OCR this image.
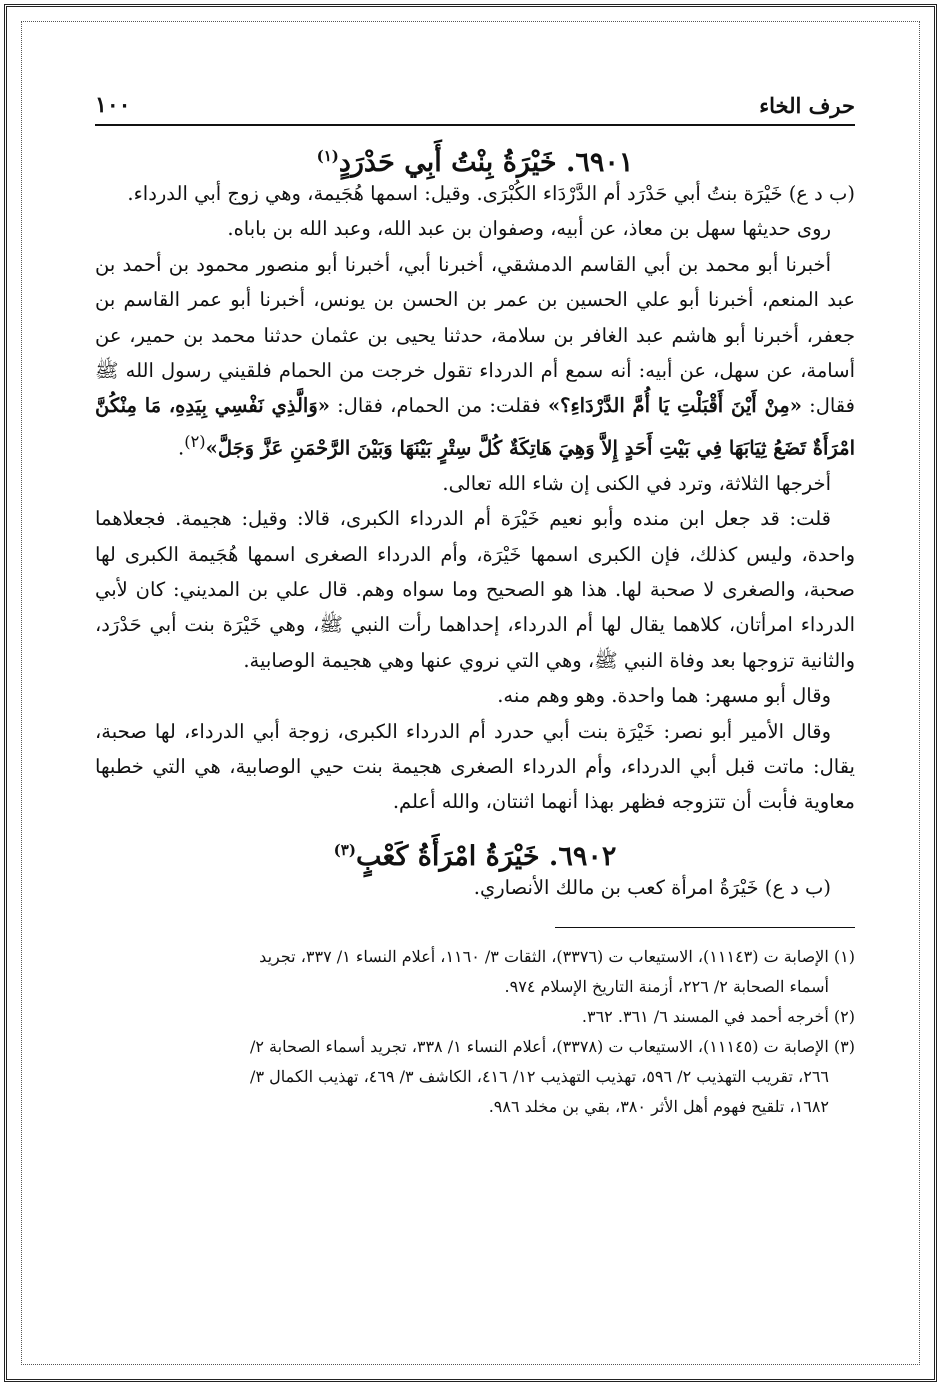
حرف الخاء
١٠٠
٦٩٠١. خَيْرَةُ بِنْتُ أَبِي حَدْرَدٍ$^{(١)}$

(ب د ع) خَيْرَة بنتُ أبي حَدْرَد أم الدَّرْدَاء الكُبْرَى. وقيل: اسمها هُجَيمة، وهي زوج أبي الدرداء.

روى حديثها سهل بن معاذ، عن أبيه، وصفوان بن عبد الله، وعبد الله بن باباه.

أخبرنا أبو محمد بن أبي القاسم الدمشقي، أخبرنا أبي، أخبرنا أبو منصور محمود بن أحمد بن عبد المنعم، أخبرنا أبو علي الحسين بن عمر بن الحسن بن يونس، أخبرنا أبو عمر القاسم بن جعفر، أخبرنا أبو هاشم عبد الغافر بن سلامة، حدثنا يحيى بن عثمان حدثنا محمد بن حمير، عن أسامة، عن سهل، عن أبيه: أنه سمع أم الدرداء تقول خرجت من الحمام فلقيني رسول الله ﷺ فقال: «مِنْ أَيْنَ أَقْبَلْتِ يَا أُمَّ الدَّرْدَاءِ؟» فقلت: من الحمام، فقال: «وَالَّذِي نَفْسِي بِيَدِهِ، مَا مِنْكُنَّ امْرَأَةٌ تَضَعُ ثِيَابَهَا فِي بَيْتِ أَحَدٍ إِلاَّ وَهِيَ هَاتِكَةٌ كُلَّ سِتْرٍ بَيْنَهَا وَبَيْنَ الرَّحْمَنِ عَزَّ وَجَلَّ»$^{(٢)}$.

أخرجها الثلاثة، وترد في الكنى إن شاء الله تعالى.

قلت: قد جعل ابن منده وأبو نعيم خَيْرَة أم الدرداء الكبرى، قالا: وقيل: هجيمة. فجعلاهما واحدة، وليس كذلك، فإن الكبرى اسمها خَيْرَة، وأم الدرداء الصغرى اسمها هُجَيمة الكبرى لها صحبة، والصغرى لا صحبة لها. هذا هو الصحيح وما سواه وهم. قال علي بن المديني: كان لأبي الدرداء امرأتان، كلاهما يقال لها أم الدرداء، إحداهما رأت النبي ﷺ، وهي خَيْرَة بنت أبي حَدْرَد، والثانية تزوجها بعد وفاة النبي ﷺ، وهي التي نروي عنها وهي هجيمة الوصابية.

وقال أبو مسهر: هما واحدة. وهو وهم منه.

وقال الأمير أبو نصر: خَيْرَة بنت أبي حدرد أم الدرداء الكبرى، زوجة أبي الدرداء، لها صحبة، يقال: ماتت قبل أبي الدرداء، وأم الدرداء الصغرى هجيمة بنت حيي الوصابية، هي التي خطبها معاوية فأبت أن تتزوجه فظهر بهذا أنهما اثنتان، والله أعلم.

٦٩٠٢. خَيْرَةُ امْرَأَةُ كَعْبٍ$^{(٣)}$

(ب د ع) خَيْرَةُ امرأة كعب بن مالك الأنصاري.

(١) الإصابة ت (١١١٤٣)، الاستيعاب ت (٣٣٧٦)، الثقات ٣/ ١١٦٠، أعلام النساء ١/ ٣٣٧، تجريد

أسماء الصحابة ٢/ ٢٢٦، أزمنة التاريخ الإسلام ٩٧٤.

(٢) أخرجه أحمد في المسند ٦/ ٣٦١. ٣٦٢.

(٣) الإصابة ت (١١١٤٥)، الاستيعاب ت (٣٣٧٨)، أعلام النساء ١/ ٣٣٨، تجريد أسماء الصحابة ٢/

٢٦٦، تقريب التهذيب ٢/ ٥٩٦، تهذيب التهذيب ١٢/ ٤١٦، الكاشف ٣/ ٤٦٩، تهذيب الكمال ٣/

١٦٨٢، تلقيح فهوم أهل الأثر ٣٨٠، بقي بن مخلد ٩٨٦.
